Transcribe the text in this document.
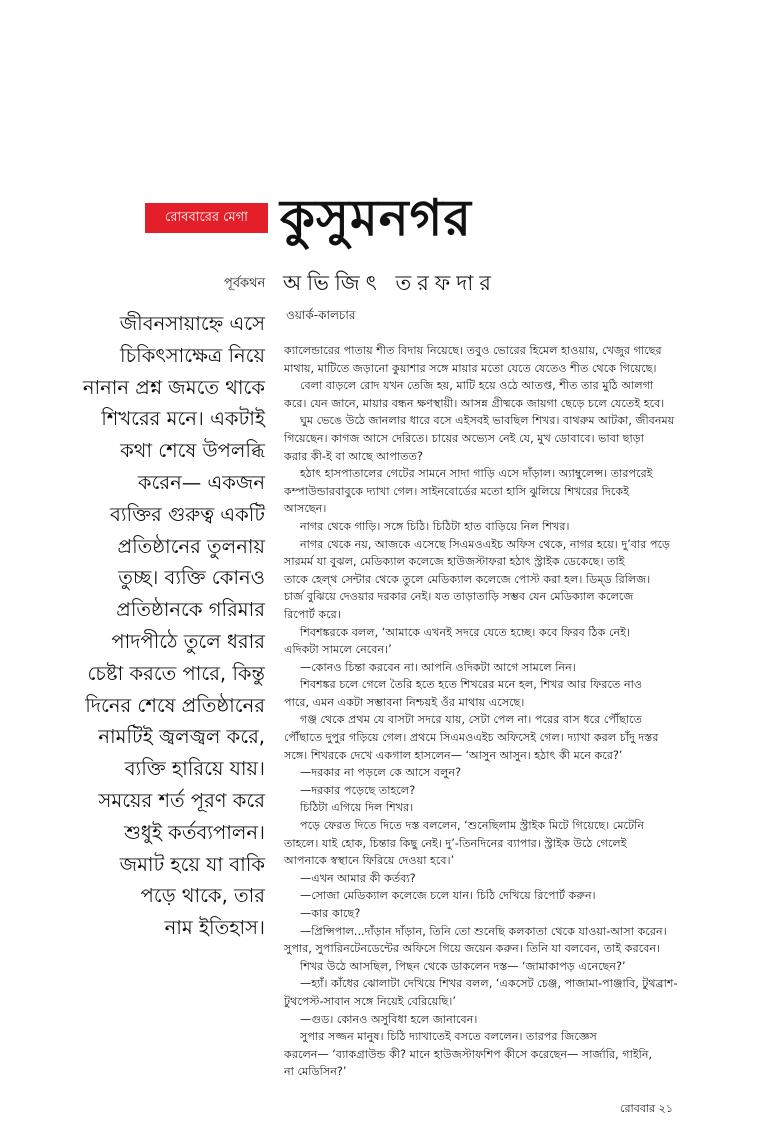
রোববারের মেগা কুসুমনগর
পূর্বকথন অভিজিৎ তরফদার
ওয়ার্ক-কালচার
জীবনসায়াহ্নে এসে
চিকিৎসাক্ষেত্র নিয়ে
নানান প্রশ্ন জমতে থাকে
শিখরের মনে। একটাই
কথা শেষে উপলব্ধি
করেন— একজন
ব্যক্তির গুরুত্ব একটি
প্রতিষ্ঠানের তুলনায়
তুচ্ছ। ব্যক্তি কোনও
প্রতিষ্ঠানকে গরিমার
পাদপীঠে তুলে ধরার
চেষ্টা করতে পারে, কিন্তু
দিনের শেষে প্রতিষ্ঠানের
নামটিই জ্বলজ্বল করে,
ব্যক্তি হারিয়ে যায়।
সময়ের শর্ত পূরণ করে
শুধুই কর্তব্যপালন।
জমাট হয়ে যা বাকি
পড়ে থাকে, তার
নাম ইতিহাস।
ক্যালেন্ডারের পাতায় শীত বিদায় নিয়েছে। তবুও ভোরের হিমেল হাওয়ায়, খেজুর গাছের
মাথায়, মাটিতে জড়ানো কুয়াশার সঙ্গে মায়ার মতো যেতে যেতেও শীত থেকে গিয়েছে।
বেলা বাড়লে রোদ যখন তেজি হয়, মাটি হয়ে ওঠে আতপ্ত, শীত তার মুঠি আলগা
করে। যেন জানে, মায়ার বন্ধন ক্ষণস্থায়ী। আসন্ন গ্রীষ্মকে জায়গা ছেড়ে চলে যেতেই হবে।
ঘুম ভেঙে উঠে জানলার ধারে বসে এইসবই ভাবছিল শিখর। বাথরুম আটকা, জীবনময়
গিয়েছেন। কাগজ আসে দেরিতে। চায়ের অভ্যেস নেই যে, মুখ ডোবাবে। ভাবা ছাড়া
করার কী-ই বা আছে আপাতত?
হঠাৎ হাসপাতালের গেটের সামনে সাদা গাড়ি এসে দাঁড়াল। অ্যাম্বুলেন্স। তারপরেই
কম্পাউন্ডারবাবুকে দ্যাখা গেল। সাইনবোর্ডের মতো হাসি ঝুলিয়ে শিখরের দিকেই
আসছেন।
নাগর থেকে গাড়ি। সঙ্গে চিঠি। চিঠিটা হাত বাড়িয়ে নিল শিখর।
নাগর থেকে নয়, আজকে এসেছে সিএমওএইচ অফিস থেকে, নাগর হয়ে। দু’বার পড়ে
সারমর্ম যা বুঝল, মেডিক্যাল কলেজে হাউজস্টাফরা হঠাৎ স্ট্রাইক ডেকেছে। তাই
তাকে হেল্থ সেন্টার থেকে তুলে মেডিক্যাল কলেজে পোস্ট করা হল। ডিম্ড রিলিজ।
চার্জ বুঝিয়ে দেওয়ার দরকার নেই। যত তাড়াতাড়ি সম্ভব যেন মেডিক্যাল কলেজে
রিপোর্ট করে।
শিবশঙ্করকে বলল, ‘আমাকে এখনই সদরে যেতে হচ্ছে। কবে ফিরব ঠিক নেই।
এদিকটা সামলে নেবেন।’
—কোনও চিন্তা করবেন না। আপনি ওদিকটা আগে সামলে নিন।
শিবশঙ্কর চলে গেলে তৈরি হতে হতে শিখরের মনে হল, শিখর আর ফিরতে নাও
পারে, এমন একটা সম্ভাবনা নিশ্চয়ই ওঁর মাথায় এসেছে।
গঞ্জ থেকে প্রথম যে বাসটা সদরে যায়, সেটা পেল না। পরের বাস ধরে পৌঁছাতে
পৌঁছাতে দুপুর গড়িয়ে গেল। প্রথমে সিএমওএইচ অফিসেই গেল। দ্যাখা করল চাঁদু দস্তর
সঙ্গে। শিখরকে দেখে একগাল হাসলেন— ‘আসুন আসুন। হঠাৎ কী মনে করে?’
—দরকার না পড়লে কে আসে বলুন?
—দরকার পড়েছে তাহলে?
চিঠিটা এগিয়ে দিল শিখর।
পড়ে ফেরত দিতে দিতে দস্ত বললেন, ‘শুনেছিলাম স্ট্রাইক মিটে গিয়েছে। মেটেনি
তাহলে। যাই হোক, চিন্তার কিছু নেই। দু’-তিনদিনের ব্যাপার। স্ট্রাইক উঠে গেলেই
আপনাকে স্বস্থানে ফিরিয়ে দেওয়া হবে।’
—এখন আমার কী কর্তব্য?
—সোজা মেডিক্যাল কলেজে চলে যান। চিঠি দেখিয়ে রিপোর্ট করুন।
—কার কাছে?
—প্রিন্সিপাল...দাঁড়ান দাঁড়ান, তিনি তো শুনেছি কলকাতা থেকে যাওয়া-আসা করেন।
সুপার, সুপারিনটেনডেন্টের অফিসে গিয়ে জয়েন করুন। তিনি যা বলবেন, তাই করবেন।
শিখর উঠে আসছিল, পিছন থেকে ডাকলেন দস্ত— ‘জামাকাপড় এনেছেন?’
—হ্যাঁ। কাঁধের ঝোলাটা দেখিয়ে শিখর বলল, ‘একসেট চেঞ্জ, পাজামা-পাঞ্জাবি, টুথব্রাশ-
টুথপেস্ট-সাবান সঙ্গে নিয়েই বেরিয়েছি।’
—গুড। কোনও অসুবিধা হলে জানাবেন।
সুপার সজ্জন মানুষ। চিঠি দ্যাখাতেই বসতে বললেন। তারপর জিজ্ঞেস
করলেন— ‘ব্যাকগ্রাউন্ড কী? মানে হাউজস্টাফশিপ কীসে করেছেন— সার্জারি, গাইনি,
না মেডিসিন?’
রোববার ২১
